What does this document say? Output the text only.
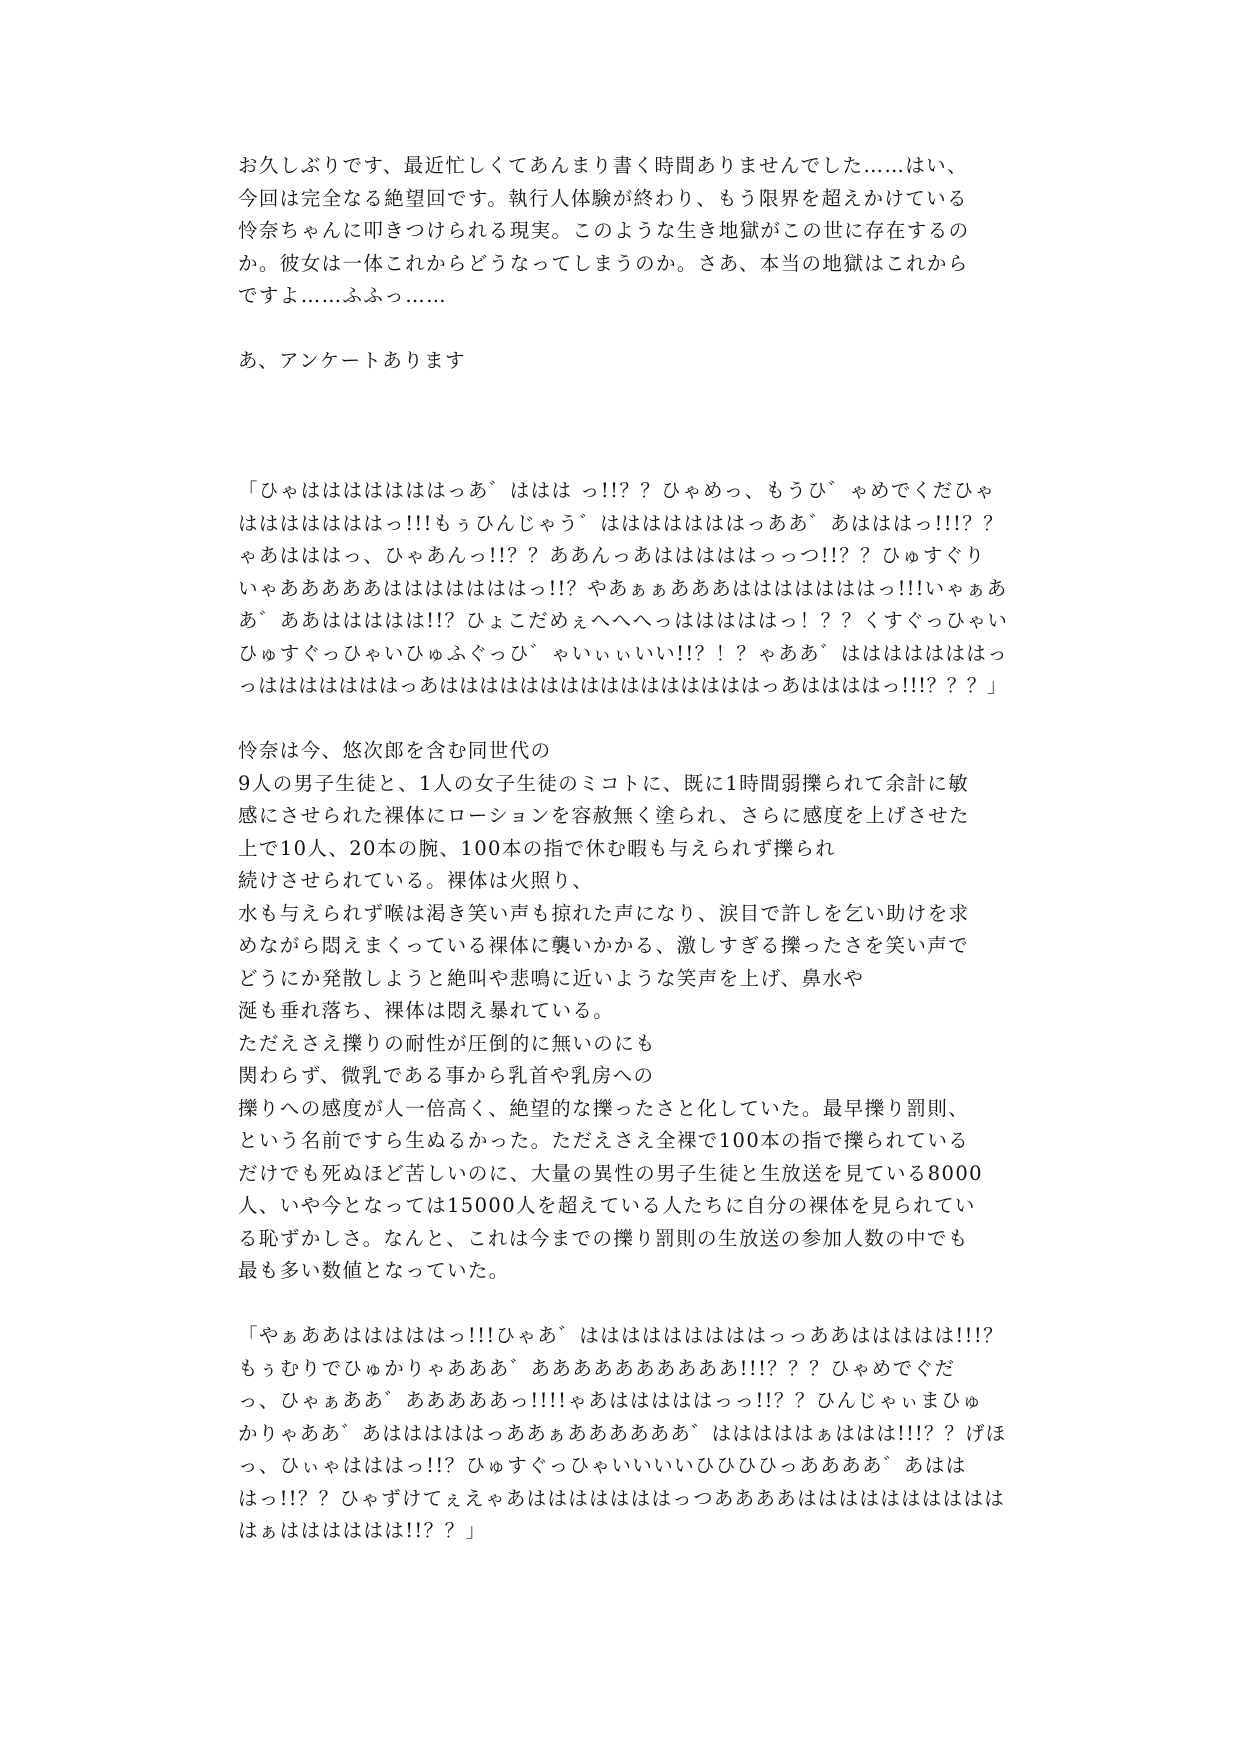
お久しぶりです、最近忙しくてあんまり書く時間ありませんでした……はい、
今回は完全なる絶望回です。執行人体験が終わり、もう限界を超えかけている
怜奈ちゃんに叩きつけられる現実。このような生き地獄がこの世に存在するの
か。彼女は一体これからどうなってしまうのか。さあ、本当の地獄はこれから
ですよ……ふふっ……
あ、アンケートあります
「ひゃはははははははっあ゛ははは っ!!？？ひゃめっ、もうひ゛ゃめでくだひゃ
はははははははっ!!!もぅひんじゃう゛はははははははっああ゛あはははっ!!!？？
ゃあはははっ、ひゃあんっ!!？？ああんっあはははははっっつ!!？？ひゅすぐり
いゃあああああはははははははっ!!？やあぁぁあああはははははははっ!!!いゃぁあ
あ゛ああははははは!!？ひょこだめぇへへへっはははははっ！？？くすぐっひゃい
ひゅすぐっひゃいひゅふぐっひ゛ゃいぃぃいい!!？！？ゃああ゛はははははははっ
っはははははははっあははははははははははははははははっあははははっ!!!？？？」
怜奈は今、悠次郎を含む同世代の
9人の男子生徒と、1人の女子生徒のミコトに、既に1時間弱擽られて余計に敏
感にさせられた裸体にローションを容赦無く塗られ、さらに感度を上げさせた
上で10人、20本の腕、100本の指で休む暇も与えられず擽られ
続けさせられている。裸体は火照り、
水も与えられず喉は渇き笑い声も掠れた声になり、涙目で許しを乞い助けを求
めながら悶えまくっている裸体に襲いかかる、激しすぎる擽ったさを笑い声で
どうにか発散しようと絶叫や悲鳴に近いような笑声を上げ、鼻水や
涎も垂れ落ち、裸体は悶え暴れている。
ただえさえ擽りの耐性が圧倒的に無いのにも
関わらず、微乳である事から乳首や乳房への
擽りへの感度が人一倍高く、絶望的な擽ったさと化していた。最早擽り罰則、
という名前ですら生ぬるかった。ただえさえ全裸で100本の指で擽られている
だけでも死ぬほど苦しいのに、大量の異性の男子生徒と生放送を見ている8000
人、いや今となっては15000人を超えている人たちに自分の裸体を見られてい
る恥ずかしさ。なんと、これは今までの擽り罰則の生放送の参加人数の中でも
最も多い数値となっていた。
「やぁああはははははっ!!!ひゃあ゛はははははははははっっああははははは!!!？
もぅむりでひゅかりゃあああ゛ああああああああああ!!!？？？ひゃめでぐだ
っ、ひゃぁああ゛あああああっ!!!!ゃあはははははっっ!!？？ひんじゃぃまひゅ
かりゃああ゛あはははははっああぁああああああ゛はははははぁははは!!!？？げほ
っ、ひぃゃはははっ!!？ひゅすぐっひゃいいいいひひひひっああああ゛あはは
はっ!!？？ひゃずけてぇえゃあはははははははっつああああはははははははははは
はぁはははははは!!？？」
